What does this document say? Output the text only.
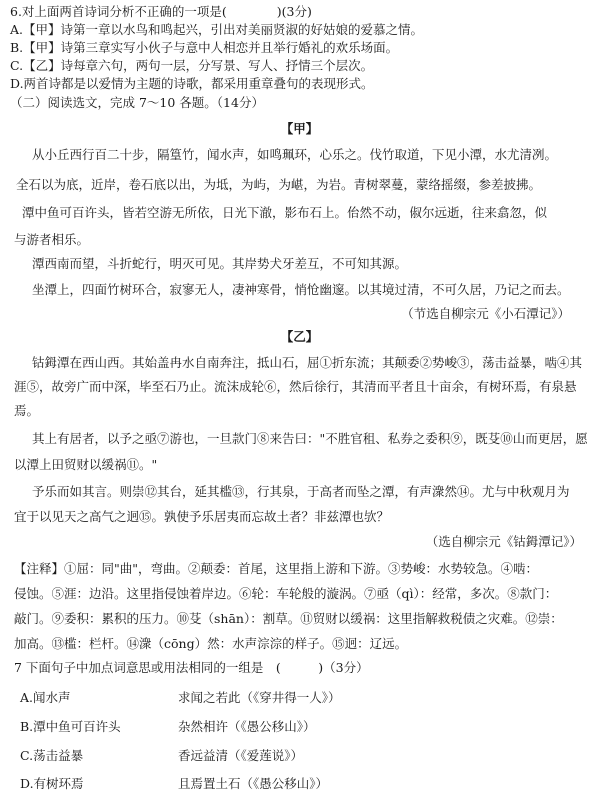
6.对上面两首诗词分析不正确的一项是(　　　　)(3分)
A.【甲】诗第一章以水鸟和鸣起兴，引出对美丽贤淑的好姑娘的爱慕之情。
B.【甲】诗第三章实写小伙子与意中人相恋并且举行婚礼的欢乐场面。
C.【乙】诗每章六句，两句一层，分写景、写人、抒情三个层次。
D.两首诗都是以爱情为主题的诗歌，都采用重章叠句的表现形式。
（二）阅读选文，完成 7～10 各题。（14分）
【甲】
从小丘西行百二十步，隔篁竹，闻水声，如鸣珮环，心乐之。伐竹取道，下见小潭，水尤清冽。
全石以为底，近岸，卷石底以出，为坻，为屿，为嵁，为岩。青树翠蔓，蒙络摇缀，参差披拂。
潭中鱼可百许头，皆若空游无所依，日光下澈，影布石上。佁然不动，俶尔远逝，往来翕忽，似
与游者相乐。
潭西南而望，斗折蛇行，明灭可见。其岸势犬牙差互，不可知其源。
坐潭上，四面竹树环合，寂寥无人，凄神寒骨，悄怆幽邃。以其境过清，不可久居，乃记之而去。
（节选自柳宗元《小石潭记》）
【乙】
钴鉧潭在西山西。其始盖冉水自南奔注，抵山石，屈①折东流；其颠委②势峻③，荡击益暴，啮④其
涯⑤，故旁广而中深，毕至石乃止。流沫成轮⑥，然后徐行，其清而平者且十亩余，有树环焉，有泉悬
焉。
其上有居者，以予之亟⑦游也，一旦款门⑧来告曰："不胜官租、私券之委积⑨，既芟⑩山而更居，愿
以潭上田贸财以缓祸⑪。"
予乐而如其言。则崇⑫其台，延其槛⑬，行其泉，于高者而坠之潭，有声潨然⑭。尤与中秋观月为
宜于以见天之高气之迥⑮。孰使予乐居夷而忘故土者？非兹潭也欤？
（选自柳宗元《钴鉧潭记》）
【注释】①屈：同"曲"，弯曲。②颠委：首尾，这里指上游和下游。③势峻：水势较急。④啮：
侵蚀。⑤涯：边沿。这里指侵蚀着岸边。⑥轮：车轮般的漩涡。⑦亟（qì）：经常，多次。⑧款门：
敲门。⑨委积：累积的压力。⑩芟（shān）：割草。⑪贸财以缓祸：这里指解救税债之灾难。⑫崇：
加高。⑬槛：栏杆。⑭潨（cōng）然：水声淙淙的样子。⑮迥：辽远。
7 下面句子中加点词意思或用法相同的一组是　(　　　)（3分）
A.闻水声	求闻之若此（《穿井得一人》）
B.潭中鱼可百许头	杂然相许（《愚公移山》）
C.荡击益暴	香远益清（《爱莲说》）
D.有树环焉	且焉置土石（《愚公移山》）
